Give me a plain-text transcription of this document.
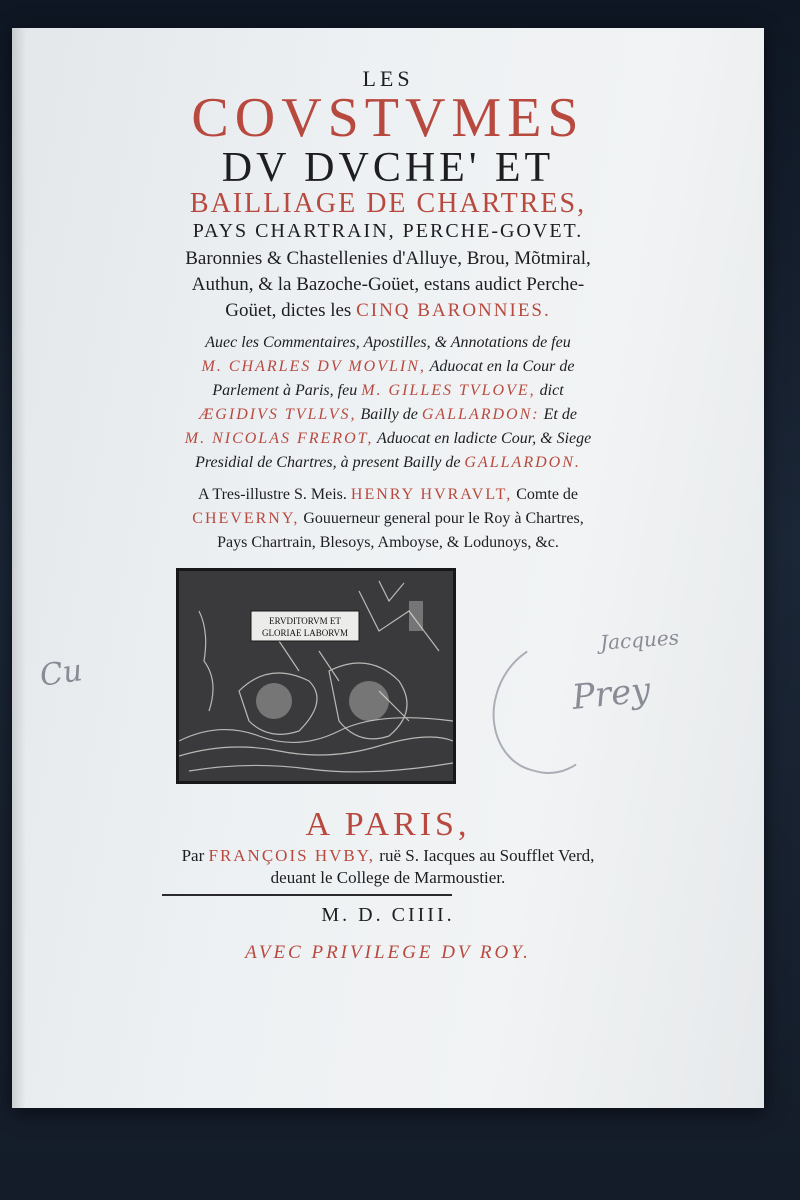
LES
COVSTVMES
DV DVCHE' ET
BAILLIAGE DE CHARTRES,
PAYS CHARTRAIN, PERCHE-GOVET.
Baronnies & Chastellenies d'Alluye, Brou, Mõtmiral,
Authun, & la Bazoche-Goüet, estans audict Perche-
Goüet, dictes les CINQ BARONNIES.
Auec les Commentaires, Apostilles, & Annotations de feu
M. CHARLES DV MOVLIN, Aduocat en la Cour de
Parlement à Paris, feu M. GILLES TVLOVE, dict
ÆGIDIVS TVLLVS, Bailly de GALLARDON: Et de
M. NICOLAS FREROT, Aduocat en ladicte Cour, & Siege
Presidial de Chartres, à present Bailly de GALLARDON.
A Tres-illustre S. Meis. HENRY HVRAVLT, Comte de
CHEVERNY, Gouuerneur general pour le Roy à Chartres,
Pays Chartrain, Blesoys, Amboyse, & Lodunoys, &c.
ERVDITORVM ET
GLORIAE LABORVM
Cu
Jacques
Prey
A PARIS,
Par FRANÇOIS HVBY, ruë S. Iacques au Soufflet Verd,
deuant le College de Marmoustier.
M. D. CIIII.
AVEC PRIVILEGE DV ROY.
